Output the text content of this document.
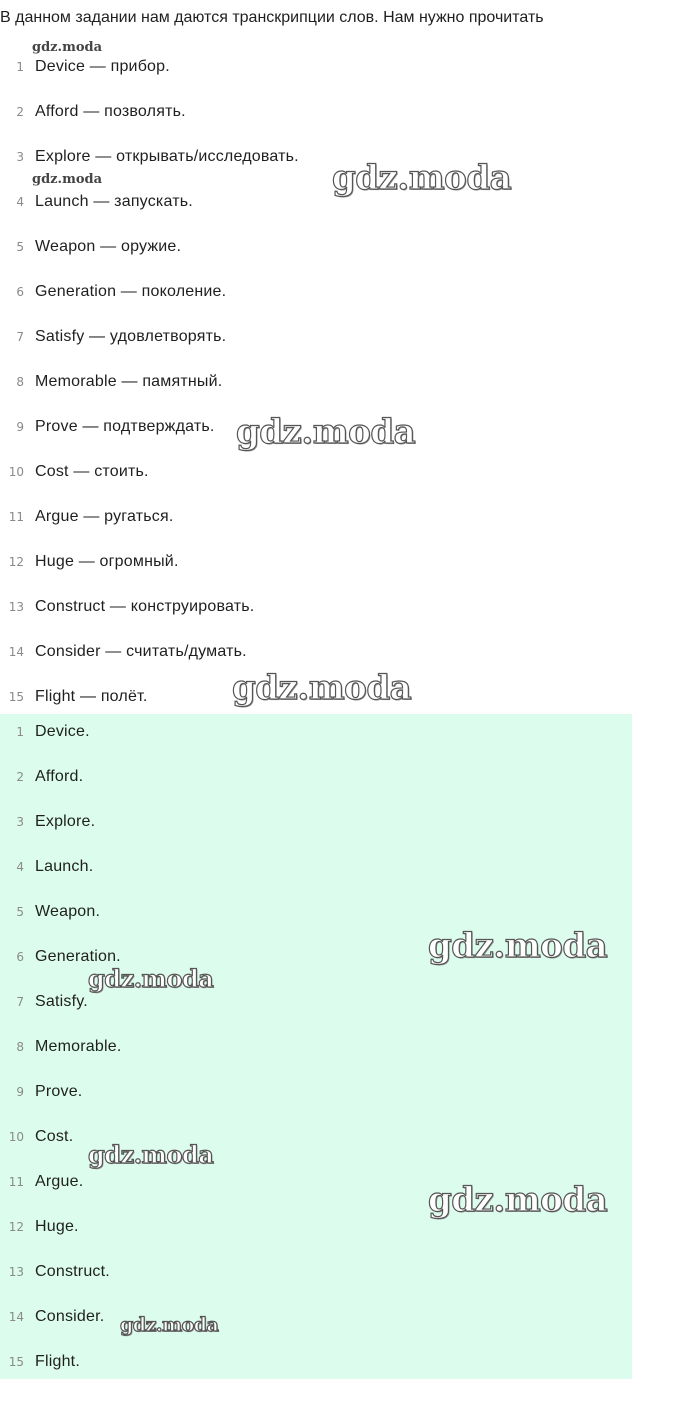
В данном задании нам даются транскрипции слов. Нам нужно прочитать
1 Device — прибор.
2 Afford — позволять.
3 Explore — открывать/исследовать.
4 Launch — запускать.
5 Weapon — оружие.
6 Generation — поколение.
7 Satisfy — удовлетворять.
8 Memorable — памятный.
9 Prove — подтверждать.
10 Cost — стоить.
11 Argue — ругаться.
12 Huge — огромный.
13 Construct — конструировать.
14 Consider — считать/думать.
15 Flight — полёт.
1 Device.
2 Afford.
3 Explore.
4 Launch.
5 Weapon.
6 Generation.
7 Satisfy.
8 Memorable.
9 Prove.
10 Cost.
11 Argue.
12 Huge.
13 Construct.
14 Consider.
15 Flight.
gdz.moda
gdz.moda	gdz.moda
gdz.moda
gdz.moda
gdz.moda
gdz.moda
gdz.moda
gdz.moda
gdz.moda
